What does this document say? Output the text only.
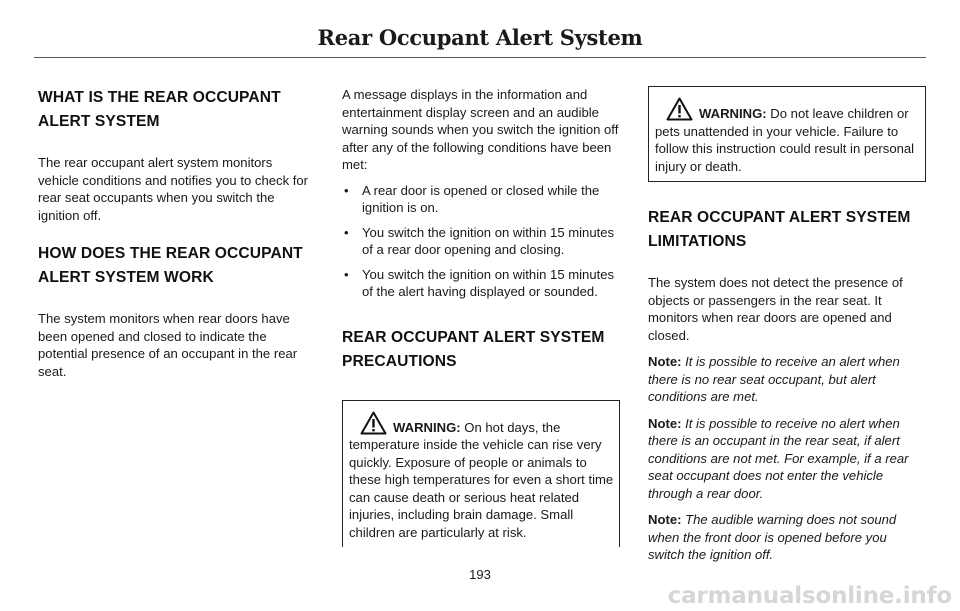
Rear Occupant Alert System
WHAT IS THE REAR OCCUPANT
ALERT SYSTEM

The rear occupant alert system monitors vehicle conditions and notifies you to check for rear seat occupants when you switch the ignition off.

HOW DOES THE REAR OCCUPANT
ALERT SYSTEM WORK

The system monitors when rear doors have been opened and closed to indicate the potential presence of an occupant in the rear seat.

A message displays in the information and entertainment display screen and an audible warning sounds when you switch the ignition off after any of the following conditions have been met:

• A rear door is opened or closed while the ignition is on.
• You switch the ignition on within 15 minutes of a rear door opening and closing.
• You switch the ignition on within 15 minutes of the alert having displayed or sounded.
REAR OCCUPANT ALERT SYSTEM
PRECAUTIONS
WARNING: On hot days, the temperature inside the vehicle can rise very quickly. Exposure of people or animals to these high temperatures for even a short time can cause death or serious heat related injuries, including brain damage. Small children are particularly at risk.
WARNING: Do not leave children or pets unattended in your vehicle. Failure to follow this instruction could result in personal injury or death.
REAR OCCUPANT ALERT SYSTEM
LIMITATIONS

The system does not detect the presence of objects or passengers in the rear seat. It monitors when rear doors are opened and closed.

Note: It is possible to receive an alert when there is no rear seat occupant, but alert conditions are met.

Note: It is possible to receive no alert when there is an occupant in the rear seat, if alert conditions are not met. For example, if a rear seat occupant does not enter the vehicle through a rear door.

Note: The audible warning does not sound when the front door is opened before you switch the ignition off.

193
carmanualsonline.info
